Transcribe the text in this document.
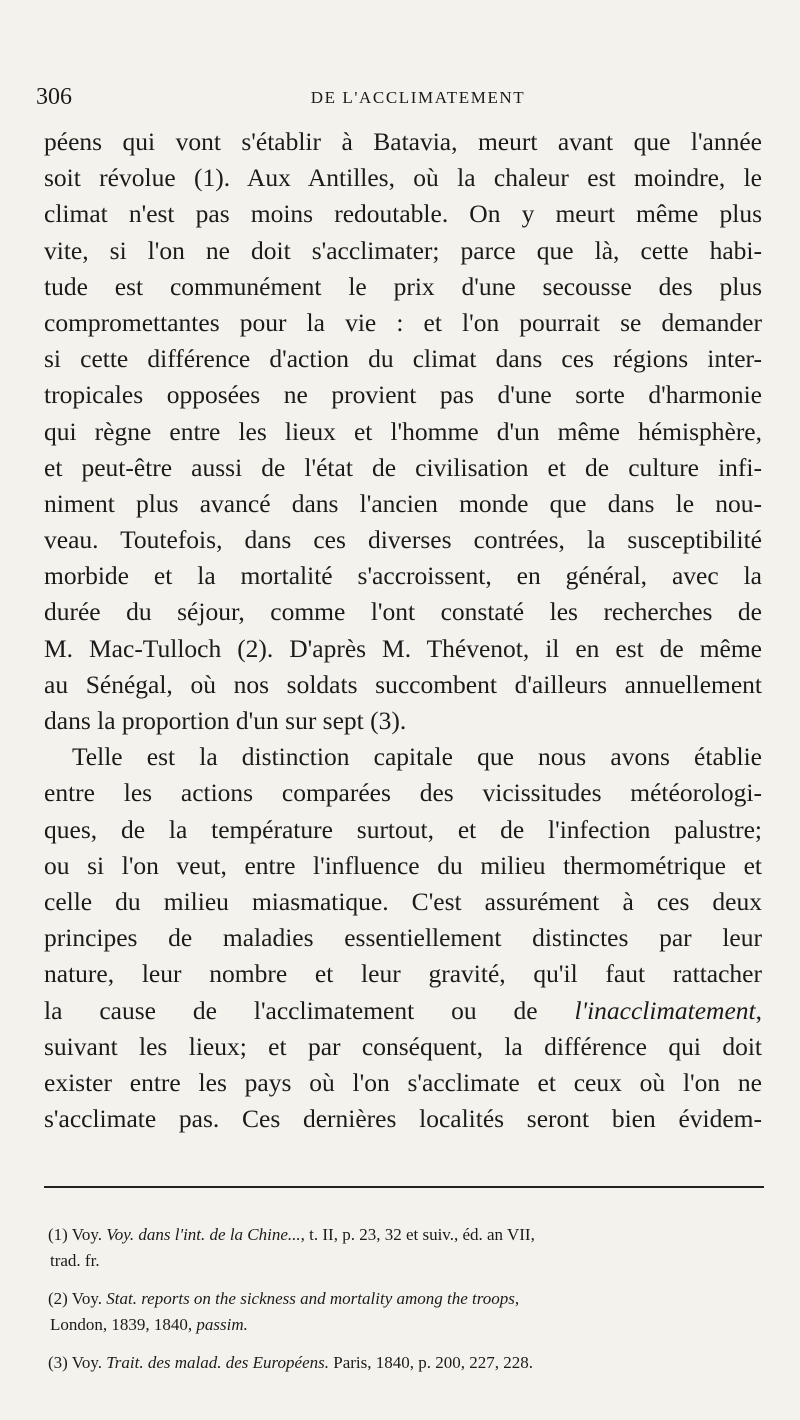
306	DE L'ACCLIMATEMENT
péens qui vont s'établir à Batavia, meurt avant que l'année
soit révolue (1). Aux Antilles, où la chaleur est moindre, le
climat n'est pas moins redoutable. On y meurt même plus
vite, si l'on ne doit s'acclimater; parce que là, cette habi-
tude est communément le prix d'une secousse des plus
compromettantes pour la vie : et l'on pourrait se demander
si cette différence d'action du climat dans ces régions inter-
tropicales opposées ne provient pas d'une sorte d'harmonie
qui règne entre les lieux et l'homme d'un même hémisphère,
et peut-être aussi de l'état de civilisation et de culture infi-
niment plus avancé dans l'ancien monde que dans le nou-
veau. Toutefois, dans ces diverses contrées, la susceptibilité
morbide et la mortalité s'accroissent, en général, avec la
durée du séjour, comme l'ont constaté les recherches de
M. Mac-Tulloch (2). D'après M. Thévenot, il en est de même
au Sénégal, où nos soldats succombent d'ailleurs annuellement
dans la proportion d'un sur sept (3).
Telle est la distinction capitale que nous avons établie
entre les actions comparées des vicissitudes météorologi-
ques, de la température surtout, et de l'infection palustre;
ou si l'on veut, entre l'influence du milieu thermométrique et
celle du milieu miasmatique. C'est assurément à ces deux
principes de maladies essentiellement distinctes par leur
nature, leur nombre et leur gravité, qu'il faut rattacher
la cause de l'acclimatement ou de l'inacclimatement,
suivant les lieux; et par conséquent, la différence qui doit
exister entre les pays où l'on s'acclimate et ceux où l'on ne
s'acclimate pas. Ces dernières localités seront bien évidem-
(1) Voy. Voy. dans l'int. de la Chine..., t. II, p. 23, 32 et suiv., éd. an VII,
trad. fr.
(2) Voy. Stat. reports on the sickness and mortality among the troops,
London, 1839, 1840, passim.
(3) Voy. Trait. des malad. des Européens. Paris, 1840, p. 200, 227, 228.
